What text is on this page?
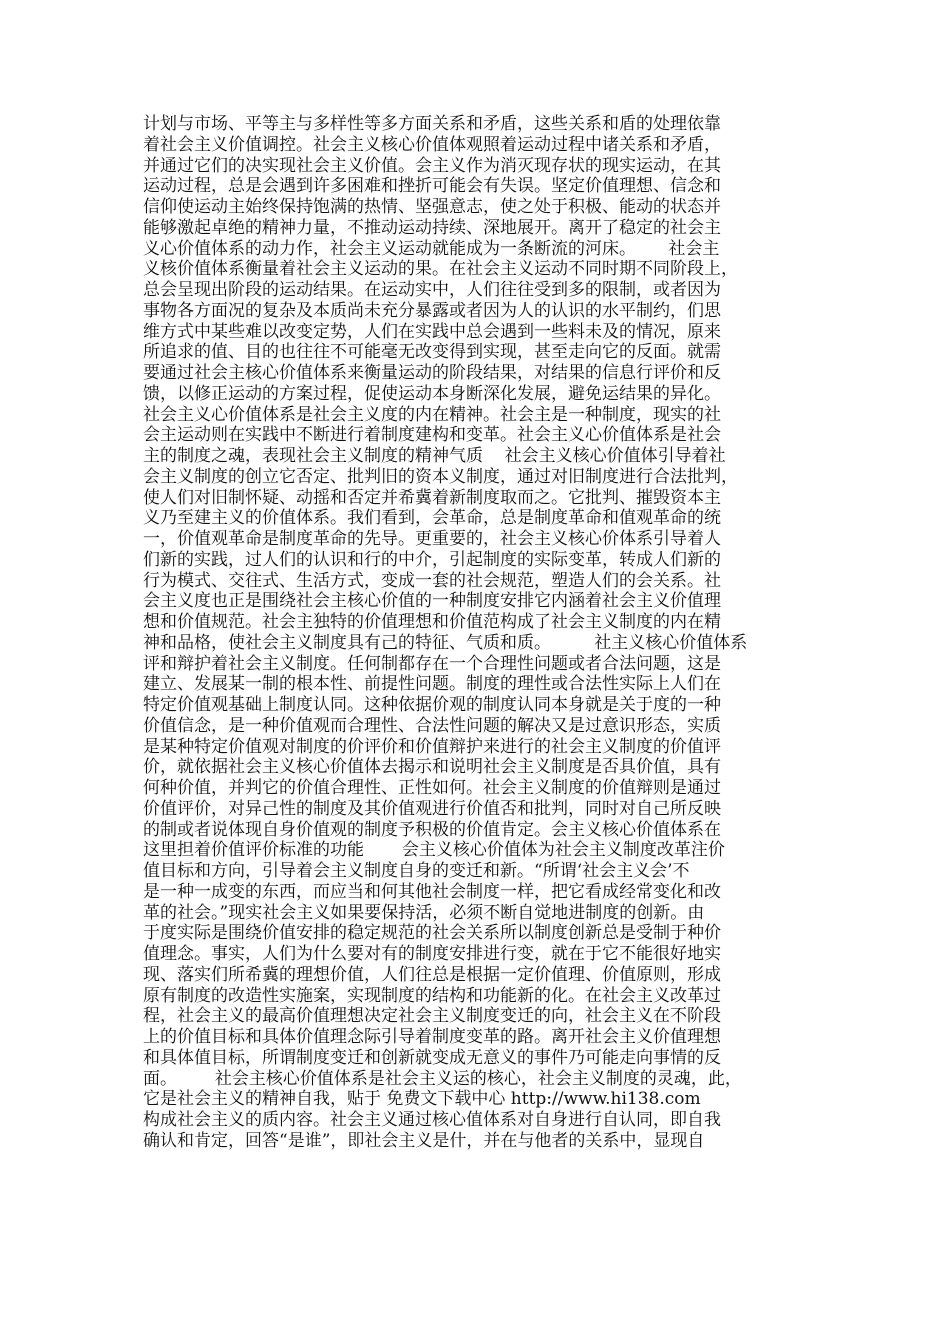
计划与市场、平等主与多样性等多方面关系和矛盾，这些关系和盾的处理依靠
着社会主义价值调控。社会主义核心价值体观照着运动过程中诸关系和矛盾，
并通过它们的决实现社会主义价值。会主义作为消灭现存状的现实运动，在其
运动过程，总是会遇到许多困难和挫折可能会有失误。坚定价值理想、信念和
信仰使运动主始终保持饱满的热情、坚强意志，使之处于积极、能动的状态并
能够激起卓绝的精神力量，不推动运动持续、深地展开。离开了稳定的社会主
义心价值体系的动力作，社会主义运动就能成为一条断流的河床。      社会主
义核价值体系衡量着社会主义运动的果。在社会主义运动不同时期不同阶段上，
总会呈现出阶段的运动结果。在运动实中，人们往往受到多的限制，或者因为
事物各方面况的复杂及本质尚未充分暴露或者因为人的认识的水平制约，们思
维方式中某些难以改变定势，人们在实践中总会遇到一些料未及的情况，原来
所追求的值、目的也往往不可能毫无改变得到实现，甚至走向它的反面。就需
要通过社会主核心价值体系来衡量运动的阶段结果，对结果的信息行评价和反
馈，以修正运动的方案过程，促使运动本身断深化发展，避免运结果的异化。
社会主义心价值体系是社会主义度的内在精神。社会主是一种制度，现实的社
会主运动则在实践中不断进行着制度建构和变革。社会主义心价值体系是社会
主的制度之魂，表现社会主义制度的精神气质    社会主义核心价值体引导着社
会主义制度的创立它否定、批判旧的资本义制度，通过对旧制度进行合法批判，
使人们对旧制怀疑、动摇和否定并希冀着新制度取而之。它批判、摧毁资本主
义乃至建主义的价值体系。我们看到，会革命，总是制度革命和值观革命的统
一，价值观革命是制度革命的先导。更重要的，社会主义核心价体系引导着人
们新的实践，过人们的认识和行的中介，引起制度的实际变革，转成人们新的
行为模式、交往式、生活方式，变成一套的社会规范，塑造人们的会关系。社
会主义度也正是围绕社会主核心价值的一种制度安排它内涵着社会主义价值理
想和价值规范。社会主独特的价值理想和价值范构成了社会主义制度的内在精
神和品格，使社会主义制度具有己的特征、气质和质。        社主义核心价值体系
评和辩护着社会主义制度。任何制都存在一个合理性问题或者合法问题，这是
建立、发展某一制的根本性、前提性问题。制度的理性或合法性实际上人们在
特定价值观基础上制度认同。这种依据价观的制度认同本身就是关于度的一种
价值信念，是一种价值观而合理性、合法性问题的解决又是过意识形态，实质
是某种特定价值观对制度的价评价和价值辩护来进行的社会主义制度的价值评
价，就依据社会主义核心价值体去揭示和说明社会主义制度是否具价值，具有
何种价值，并判它的价值合理性、正性如何。社会主义制度的价值辩则是通过
价值评价，对异己性的制度及其价值观进行价值否和批判，同时对自己所反映
的制或者说体现自身价值观的制度予积极的价值肯定。会主义核心价值体系在
这里担着价值评价标准的功能       会主义核心价值体为社会主义制度改革注价
值目标和方向，引导着会主义制度自身的变迁和新。“所谓‘社会主义会’不
是一种一成变的东西，而应当和何其他社会制度一样，把它看成经常变化和改
革的社会。”现实社会主义如果要保持活，必须不断自觉地进制度的创新。由
于度实际是围绕价值安排的稳定规范的社会关系所以制度创新总是受制于种价
值理念。事实，人们为什么要对有的制度安排进行变，就在于它不能很好地实
现、落实们所希冀的理想价值，人们往总是根据一定价值理、价值原则，形成
原有制度的改造性实施案，实现制度的结构和功能新的化。在社会主义改革过
程，社会主义的最高价值理想决定社会主义制度变迁的向，社会主义在不阶段
上的价值目标和具体价值理念际引导着制度变革的路。离开社会主义价值理想
和具体值目标，所谓制度变迁和创新就变成无意义的事件乃可能走向事情的反
面。       社会主核心价值体系是社会主义运的核心，社会主义制度的灵魂，此，
它是社会主义的精神自我，贴于 免费文下载中心 http://www.hi138.com
构成社会主义的质内容。社会主义通过核心值体系对自身进行自认同，即自我
确认和肯定，回答“是谁”，即社会主义是什，并在与他者的关系中，显现自
